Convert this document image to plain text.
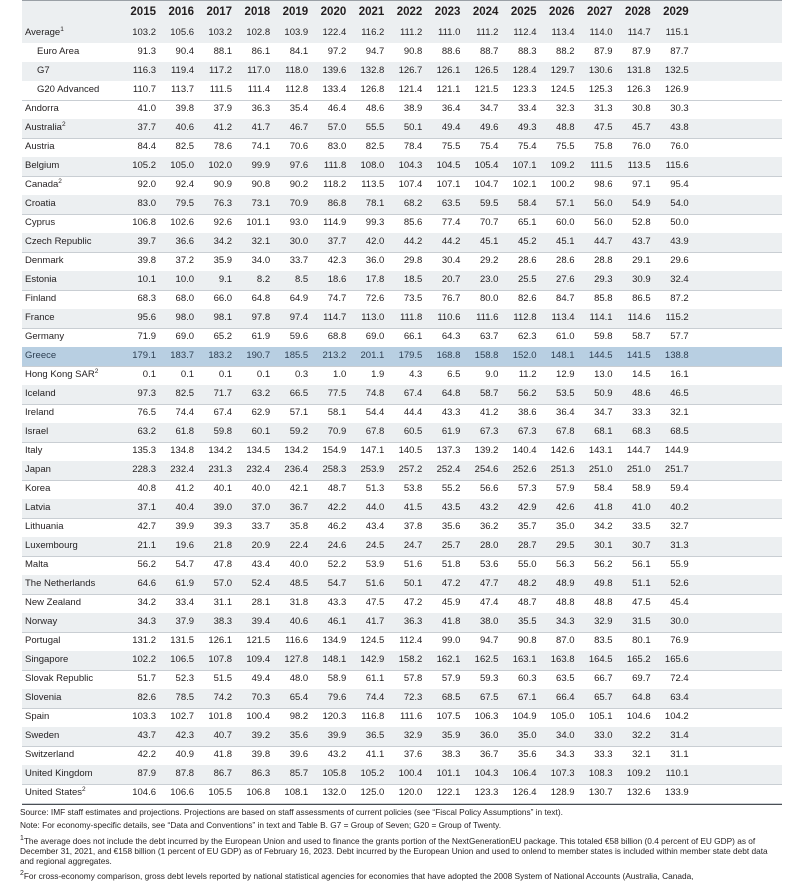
2015	2016	2017	2018	2019	2020	2021	2022	2023	2024	2025	2026	2027	2028	2029
Average$^1$	103.2	105.6	103.2	102.8	103.9	122.4	116.2	111.2	111.0	111.2	112.4	113.4	114.0	114.7	115.1
Euro Area	91.3	90.4	88.1	86.1	84.1	97.2	94.7	90.8	88.6	88.7	88.3	88.2	87.9	87.9	87.7
G7	116.3	119.4	117.2	117.0	118.0	139.6	132.8	126.7	126.1	126.5	128.4	129.7	130.6	131.8	132.5
G20 Advanced	110.7	113.7	111.5	111.4	112.8	133.4	126.8	121.4	121.1	121.5	123.3	124.5	125.3	126.3	126.9
Andorra	41.0	39.8	37.9	36.3	35.4	46.4	48.6	38.9	36.4	34.7	33.4	32.3	31.3	30.8	30.3
Australia$^2$	37.7	40.6	41.2	41.7	46.7	57.0	55.5	50.1	49.4	49.6	49.3	48.8	47.5	45.7	43.8
Austria	84.4	82.5	78.6	74.1	70.6	83.0	82.5	78.4	75.5	75.4	75.4	75.5	75.8	76.0	76.0
Belgium	105.2	105.0	102.0	99.9	97.6	111.8	108.0	104.3	104.5	105.4	107.1	109.2	111.5	113.5	115.6
Canada$^2$	92.0	92.4	90.9	90.8	90.2	118.2	113.5	107.4	107.1	104.7	102.1	100.2	98.6	97.1	95.4
Croatia	83.0	79.5	76.3	73.1	70.9	86.8	78.1	68.2	63.5	59.5	58.4	57.1	56.0	54.9	54.0
Cyprus	106.8	102.6	92.6	101.1	93.0	114.9	99.3	85.6	77.4	70.7	65.1	60.0	56.0	52.8	50.0
Czech Republic	39.7	36.6	34.2	32.1	30.0	37.7	42.0	44.2	44.2	45.1	45.2	45.1	44.7	43.7	43.9
Denmark	39.8	37.2	35.9	34.0	33.7	42.3	36.0	29.8	30.4	29.2	28.6	28.6	28.8	29.1	29.6
Estonia	10.1	10.0	9.1	8.2	8.5	18.6	17.8	18.5	20.7	23.0	25.5	27.6	29.3	30.9	32.4
Finland	68.3	68.0	66.0	64.8	64.9	74.7	72.6	73.5	76.7	80.0	82.6	84.7	85.8	86.5	87.2
France	95.6	98.0	98.1	97.8	97.4	114.7	113.0	111.8	110.6	111.6	112.8	113.4	114.1	114.6	115.2
Germany	71.9	69.0	65.2	61.9	59.6	68.8	69.0	66.1	64.3	63.7	62.3	61.0	59.8	58.7	57.7
Greece	179.1	183.7	183.2	190.7	185.5	213.2	201.1	179.5	168.8	158.8	152.0	148.1	144.5	141.5	138.8
Hong Kong SAR$^2$	0.1	0.1	0.1	0.1	0.3	1.0	1.9	4.3	6.5	9.0	11.2	12.9	13.0	14.5	16.1
Iceland	97.3	82.5	71.7	63.2	66.5	77.5	74.8	67.4	64.8	58.7	56.2	53.5	50.9	48.6	46.5
Ireland	76.5	74.4	67.4	62.9	57.1	58.1	54.4	44.4	43.3	41.2	38.6	36.4	34.7	33.3	32.1
Israel	63.2	61.8	59.8	60.1	59.2	70.9	67.8	60.5	61.9	67.3	67.3	67.8	68.1	68.3	68.5
Italy	135.3	134.8	134.2	134.5	134.2	154.9	147.1	140.5	137.3	139.2	140.4	142.6	143.1	144.7	144.9
Japan	228.3	232.4	231.3	232.4	236.4	258.3	253.9	257.2	252.4	254.6	252.6	251.3	251.0	251.0	251.7
Korea	40.8	41.2	40.1	40.0	42.1	48.7	51.3	53.8	55.2	56.6	57.3	57.9	58.4	58.9	59.4
Latvia	37.1	40.4	39.0	37.0	36.7	42.2	44.0	41.5	43.5	43.2	42.9	42.6	41.8	41.0	40.2
Lithuania	42.7	39.9	39.3	33.7	35.8	46.2	43.4	37.8	35.6	36.2	35.7	35.0	34.2	33.5	32.7
Luxembourg	21.1	19.6	21.8	20.9	22.4	24.6	24.5	24.7	25.7	28.0	28.7	29.5	30.1	30.7	31.3
Malta	56.2	54.7	47.8	43.4	40.0	52.2	53.9	51.6	51.8	53.6	55.0	56.3	56.2	56.1	55.9
The Netherlands	64.6	61.9	57.0	52.4	48.5	54.7	51.6	50.1	47.2	47.7	48.2	48.9	49.8	51.1	52.6
New Zealand	34.2	33.4	31.1	28.1	31.8	43.3	47.5	47.2	45.9	47.4	48.7	48.8	48.8	47.5	45.4
Norway	34.3	37.9	38.3	39.4	40.6	46.1	41.7	36.3	41.8	38.0	35.5	34.3	32.9	31.5	30.0
Portugal	131.2	131.5	126.1	121.5	116.6	134.9	124.5	112.4	99.0	94.7	90.8	87.0	83.5	80.1	76.9
Singapore	102.2	106.5	107.8	109.4	127.8	148.1	142.9	158.2	162.1	162.5	163.1	163.8	164.5	165.2	165.6
Slovak Republic	51.7	52.3	51.5	49.4	48.0	58.9	61.1	57.8	57.9	59.3	60.3	63.5	66.7	69.7	72.4
Slovenia	82.6	78.5	74.2	70.3	65.4	79.6	74.4	72.3	68.5	67.5	67.1	66.4	65.7	64.8	63.4
Spain	103.3	102.7	101.8	100.4	98.2	120.3	116.8	111.6	107.5	106.3	104.9	105.0	105.1	104.6	104.2
Sweden	43.7	42.3	40.7	39.2	35.6	39.9	36.5	32.9	35.9	36.0	35.0	34.0	33.0	32.2	31.4
Switzerland	42.2	40.9	41.8	39.8	39.6	43.2	41.1	37.6	38.3	36.7	35.6	34.3	33.3	32.1	31.1
United Kingdom	87.9	87.8	86.7	86.3	85.7	105.8	105.2	100.4	101.1	104.3	106.4	107.3	108.3	109.2	110.1
United States$^2$	104.6	106.6	105.5	106.8	108.1	132.0	125.0	120.0	122.1	123.3	126.4	128.9	130.7	132.6	133.9

Source: IMF staff estimates and projections. Projections are based on staff assessments of current policies (see “Fiscal Policy Assumptions” in text).

Note: For economy-specific details, see “Data and Conventions” in text and Table B. G7 = Group of Seven; G20 = Group of Twenty.

$^1$The average does not include the debt incurred by the European Union and used to finance the grants portion of the NextGenerationEU package. This totaled €58 billion (0.4 percent of EU GDP) as of December 31, 2021, and €158 billion (1 percent of EU GDP) as of February 16, 2023. Debt incurred by the European Union and used to onlend to member states is included within member state debt data and regional aggregates.

$^2$For cross-economy comparison, gross debt levels reported by national statistical agencies for economies that have adopted the 2008 System of National Accounts (Australia, Canada,
